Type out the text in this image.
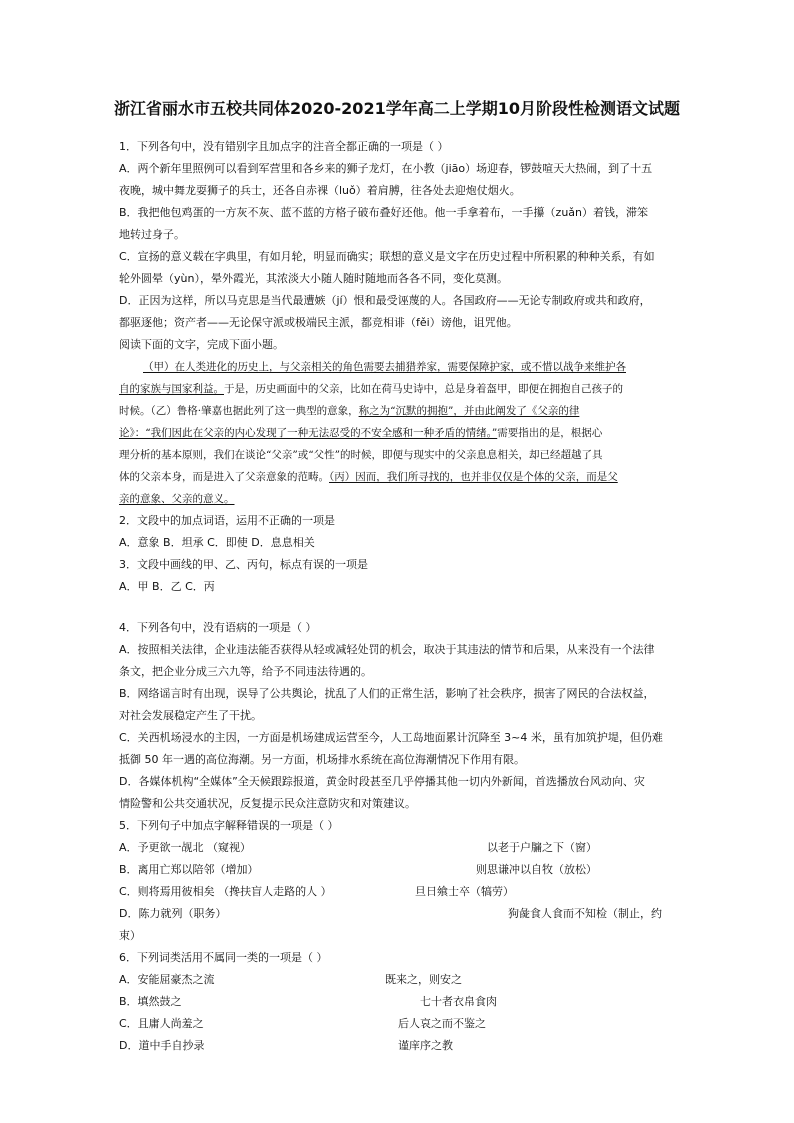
浙江省丽水市五校共同体2020-2021学年高二上学期10月阶段性检测语文试题
1．下列各句中，没有错别字且加点字的注音全都正确的一项是（ ）
A．两个新年里照例可以看到军营里和各乡来的狮子龙灯，在小教（jiāo）场迎春，锣鼓喧天大热闹，到了十五
夜晚，城中舞龙耍狮子的兵士，还各自赤裸（luǒ）着肩膊，往各处去迎炮仗烟火。
B．我把他包鸡蛋的一方灰不灰、蓝不蓝的方格子破布叠好还他。他一手拿着布，一手攥（zuǎn）着钱，滞笨
地转过身子。
C．宣扬的意义载在字典里，有如月轮，明显而确实；联想的意义是文字在历史过程中所积累的种种关系，有如
轮外圆晕（yùn），晕外霞光，其浓淡大小随人随时随地而各各不同，变化莫测。
D．正因为这样，所以马克思是当代最遭嫉（jí）恨和最受诬蔑的人。各国政府——无论专制政府或共和政府，
都驱逐他；资产者——无论保守派或极端民主派，都竞相诽（fěi）谤他，诅咒他。
阅读下面的文字，完成下面小题。
（甲）在人类进化的历史上，与父亲相关的角色需要去捕猎养家，需要保障护家，或不惜以战争来维护各
自的家族与国家利益。于是，历史画面中的父亲，比如在荷马史诗中，总是身着盔甲，即便在拥抱自己孩子的
时候。（乙）鲁格·肇嘉也据此列了这一典型的意象，称之为“沉默的拥抱”，并由此阐发了《父亲的律
论》：“我们因此在父亲的内心发现了一种无法忍受的不安全感和一种矛盾的情绪。”需要指出的是，根据心
理分析的基本原则，我们在谈论“父亲”或“父性”的时候，即便与现实中的父亲息息相关，却已经超越了具
体的父亲本身，而是进入了父亲意象的范畴。（丙）因而，我们所寻找的，也并非仅仅是个体的父亲，而是父
亲的意象、父亲的意义。
2．文段中的加点词语，运用不正确的一项是
A．意象 B．坦承 C．即使 D．息息相关
3．文段中画线的甲、乙、丙句，标点有误的一项是
A．甲 B．乙 C．丙
4．下列各句中，没有语病的一项是（ ）
A．按照相关法律，企业违法能否获得从轻或减轻处罚的机会，取决于其违法的情节和后果，从来没有一个法律
条文，把企业分成三六九等，给予不同违法待遇的。
B．网络谣言时有出现，误导了公共舆论，扰乱了人们的正常生活，影响了社会秩序，损害了网民的合法权益，
对社会发展稳定产生了干扰。
C．关西机场浸水的主因，一方面是机场建成运营至今，人工岛地面累计沉降至 3~4 米，虽有加筑护堤，但仍难
抵御 50 年一遇的高位海潮。另一方面，机场排水系统在高位海潮情况下作用有限。
D．各媒体机构“全媒体”全天候跟踪报道，黄金时段甚至几乎停播其他一切内外新闻，首选播放台风动向、灾
情险警和公共交通状况，反复提示民众注意防灾和对策建议。
5．下列句子中加点字解释错误的一项是（ ）
A．予更欲一觇北 （窥视）	以老于户牖之下（窗）
B．离用亡郑以陪邻（增加）	则思谦冲以自牧（放松）
C．则将焉用彼相矣 （搀扶盲人走路的人 ）	旦日飨士卒（犒劳）
D．陈力就列（职务）	狗彘食人食而不知检（制止，约
束）
6．下列词类活用不属同一类的一项是（ ）
A．安能屈豪杰之流	既来之，则安之
B．填然鼓之	七十者衣帛食肉
C．且庸人尚羞之	后人哀之而不鉴之
D．道中手自抄录	谨庠序之教
